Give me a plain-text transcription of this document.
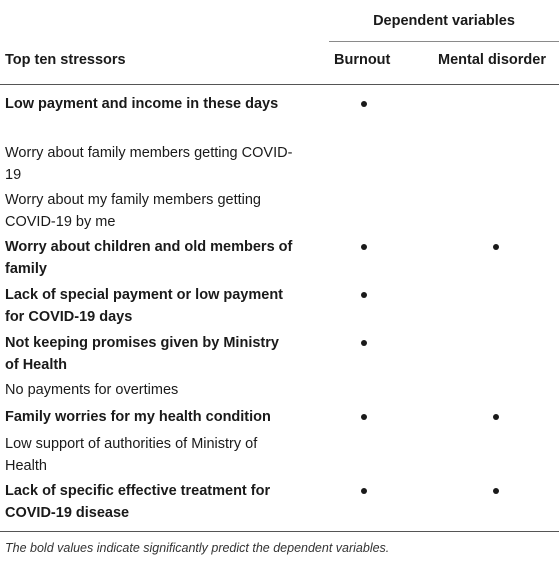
Dependent variables
Top ten stressors	Burnout	Mental disorder
Low payment and income in these days
Worry about family members getting COVID-19
Worry about my family members getting COVID-19 by me
Worry about children and old members of family
Lack of special payment or low payment for COVID-19 days
Not keeping promises given by Ministry of Health
No payments for overtimes
Family worries for my health condition
Low support of authorities of Ministry of Health
Lack of specific effective treatment for COVID-19 disease
The bold values indicate significantly predict the dependent variables.
